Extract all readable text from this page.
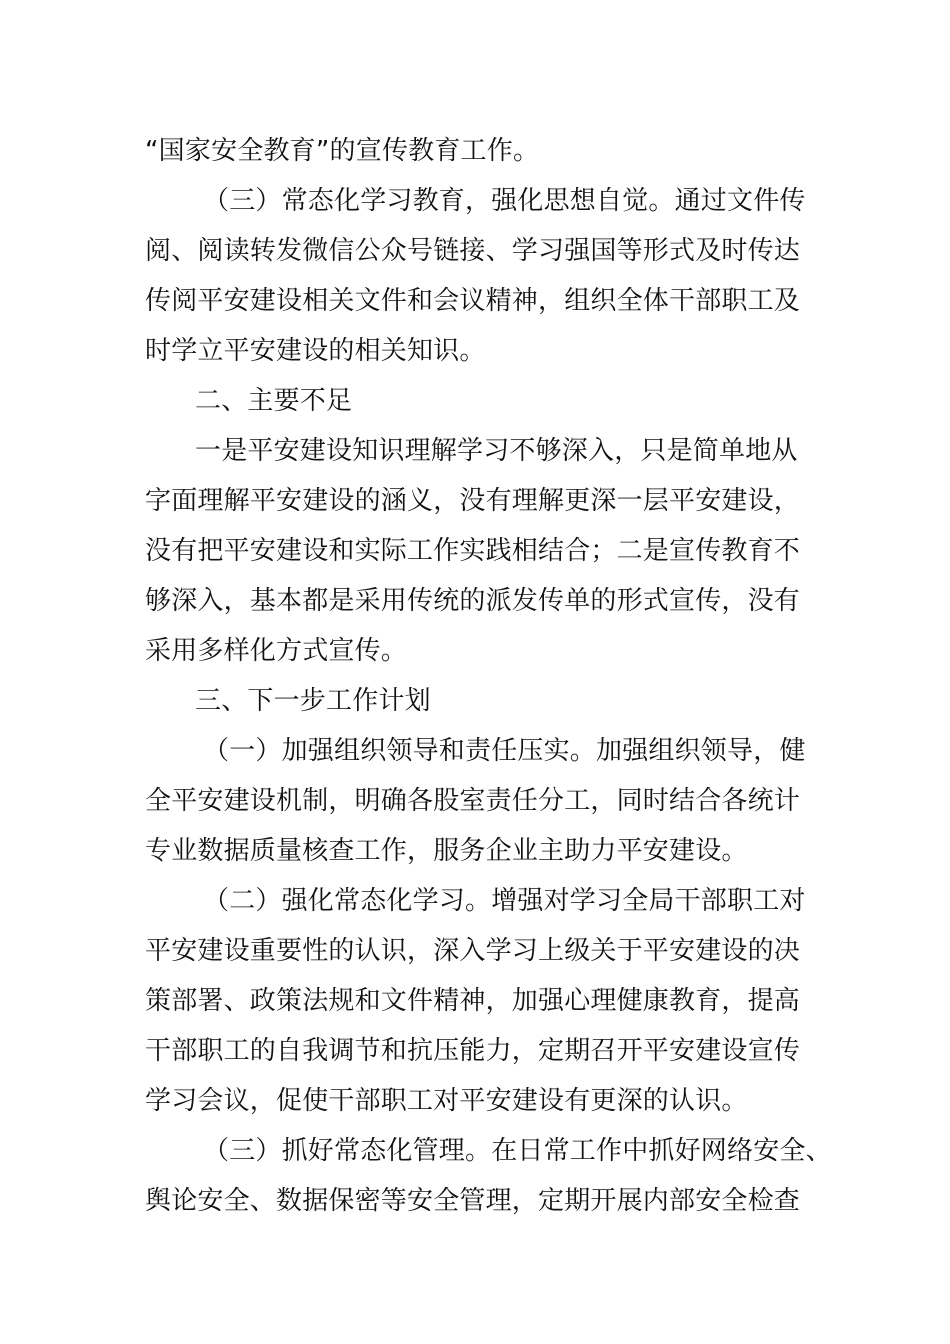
“国家安全教育”的宣传教育工作。
（三）常态化学习教育，强化思想自觉。通过文件传
阅、阅读转发微信公众号链接、学习强国等形式及时传达
传阅平安建设相关文件和会议精神，组织全体干部职工及
时学立平安建设的相关知识。
二、主要不足
一是平安建设知识理解学习不够深入，只是简单地从
字面理解平安建设的涵义，没有理解更深一层平安建设，
没有把平安建设和实际工作实践相结合；二是宣传教育不
够深入，基本都是采用传统的派发传单的形式宣传，没有
采用多样化方式宣传。
三、下一步工作计划
（一）加强组织领导和责任压实。加强组织领导，健
全平安建设机制，明确各股室责任分工，同时结合各统计
专业数据质量核查工作，服务企业主助力平安建设。
（二）强化常态化学习。增强对学习全局干部职工对
平安建设重要性的认识，深入学习上级关于平安建设的决
策部署、政策法规和文件精神，加强心理健康教育，提高
干部职工的自我调节和抗压能力，定期召开平安建设宣传
学习会议，促使干部职工对平安建设有更深的认识。
（三）抓好常态化管理。在日常工作中抓好网络安全、
舆论安全、数据保密等安全管理，定期开展内部安全检查
